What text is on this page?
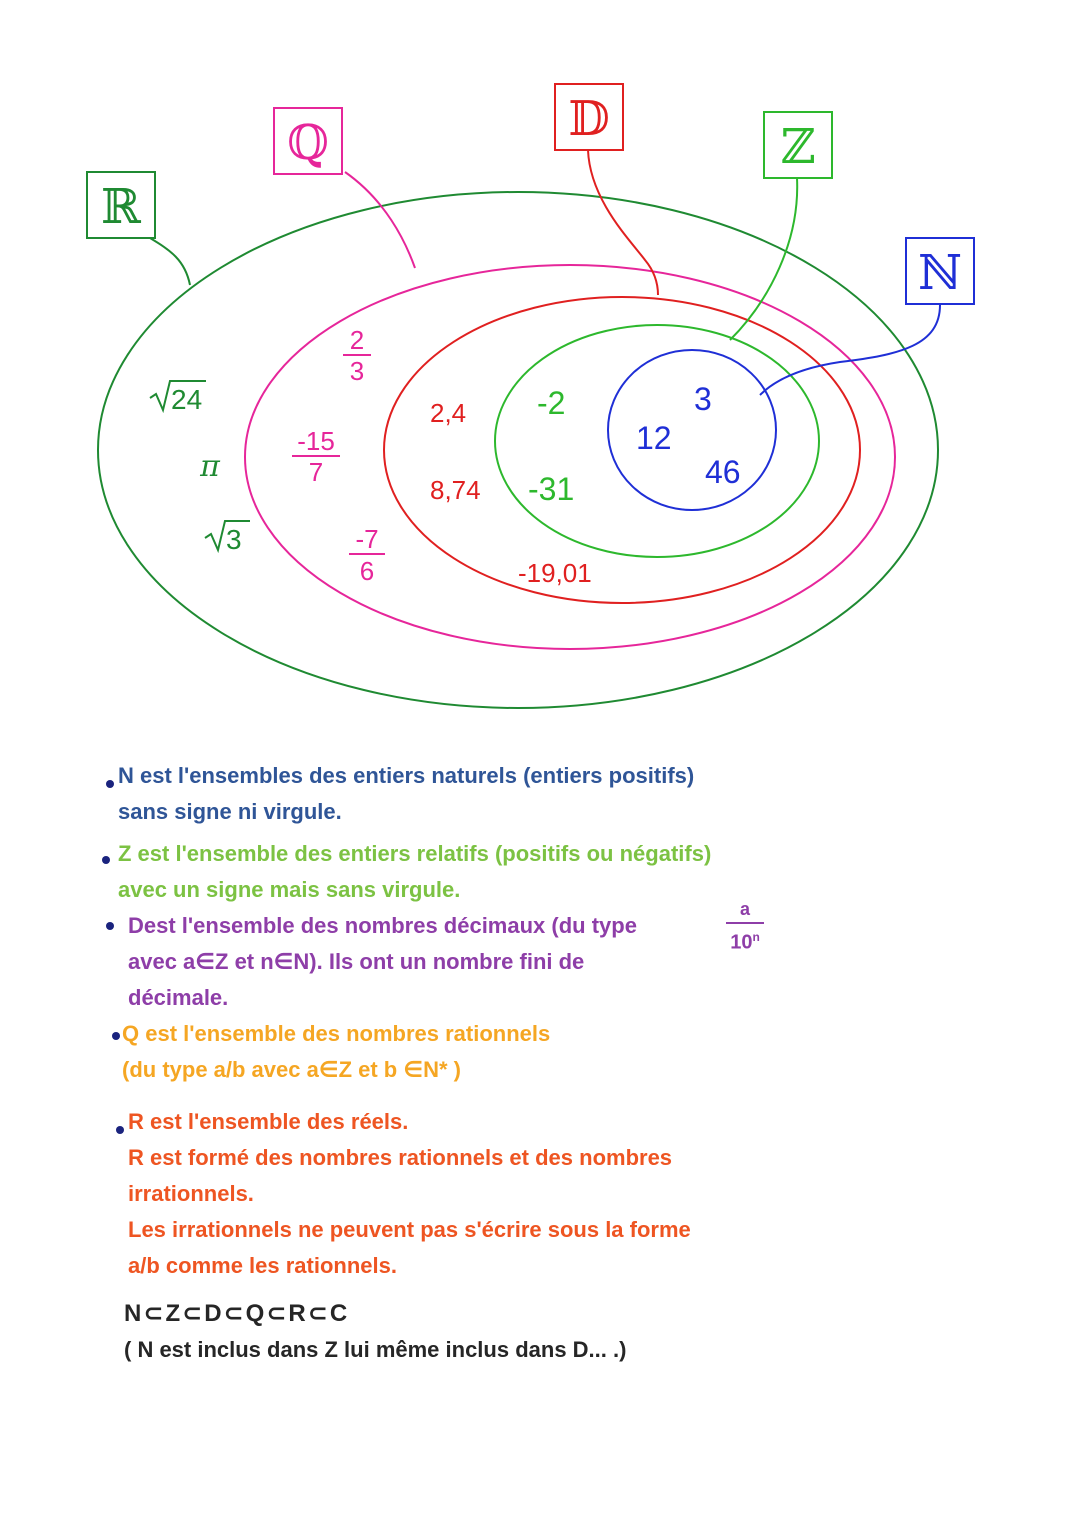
ℝ
ℚ	𝔻	ℤ
ℕ
24
π
3
2
3
-15
7
-7
6
2,4
8,74
-19,01
-2
-31
3
12
46
N est l'ensembles des entiers naturels (entiers positifs)
sans signe ni virgule.
Z est l'ensemble des entiers relatifs (positifs ou négatifs)
avec un signe mais sans virgule.
Dest l'ensemble des nombres décimaux (du type
a
10$^n$
avec a∈Z et n∈N). Ils ont un nombre fini de
décimale.
Q est l'ensemble des nombres rationnels
(du type a/b avec a∈Z et b ∈N* )
R est l'ensemble des réels.
R est formé des nombres rationnels et des nombres
irrationnels.
Les irrationnels ne peuvent pas s'écrire sous la forme
a/b comme les rationnels.
N⊂Z⊂D⊂Q⊂R⊂C
( N est inclus dans Z lui même inclus dans D... .)
